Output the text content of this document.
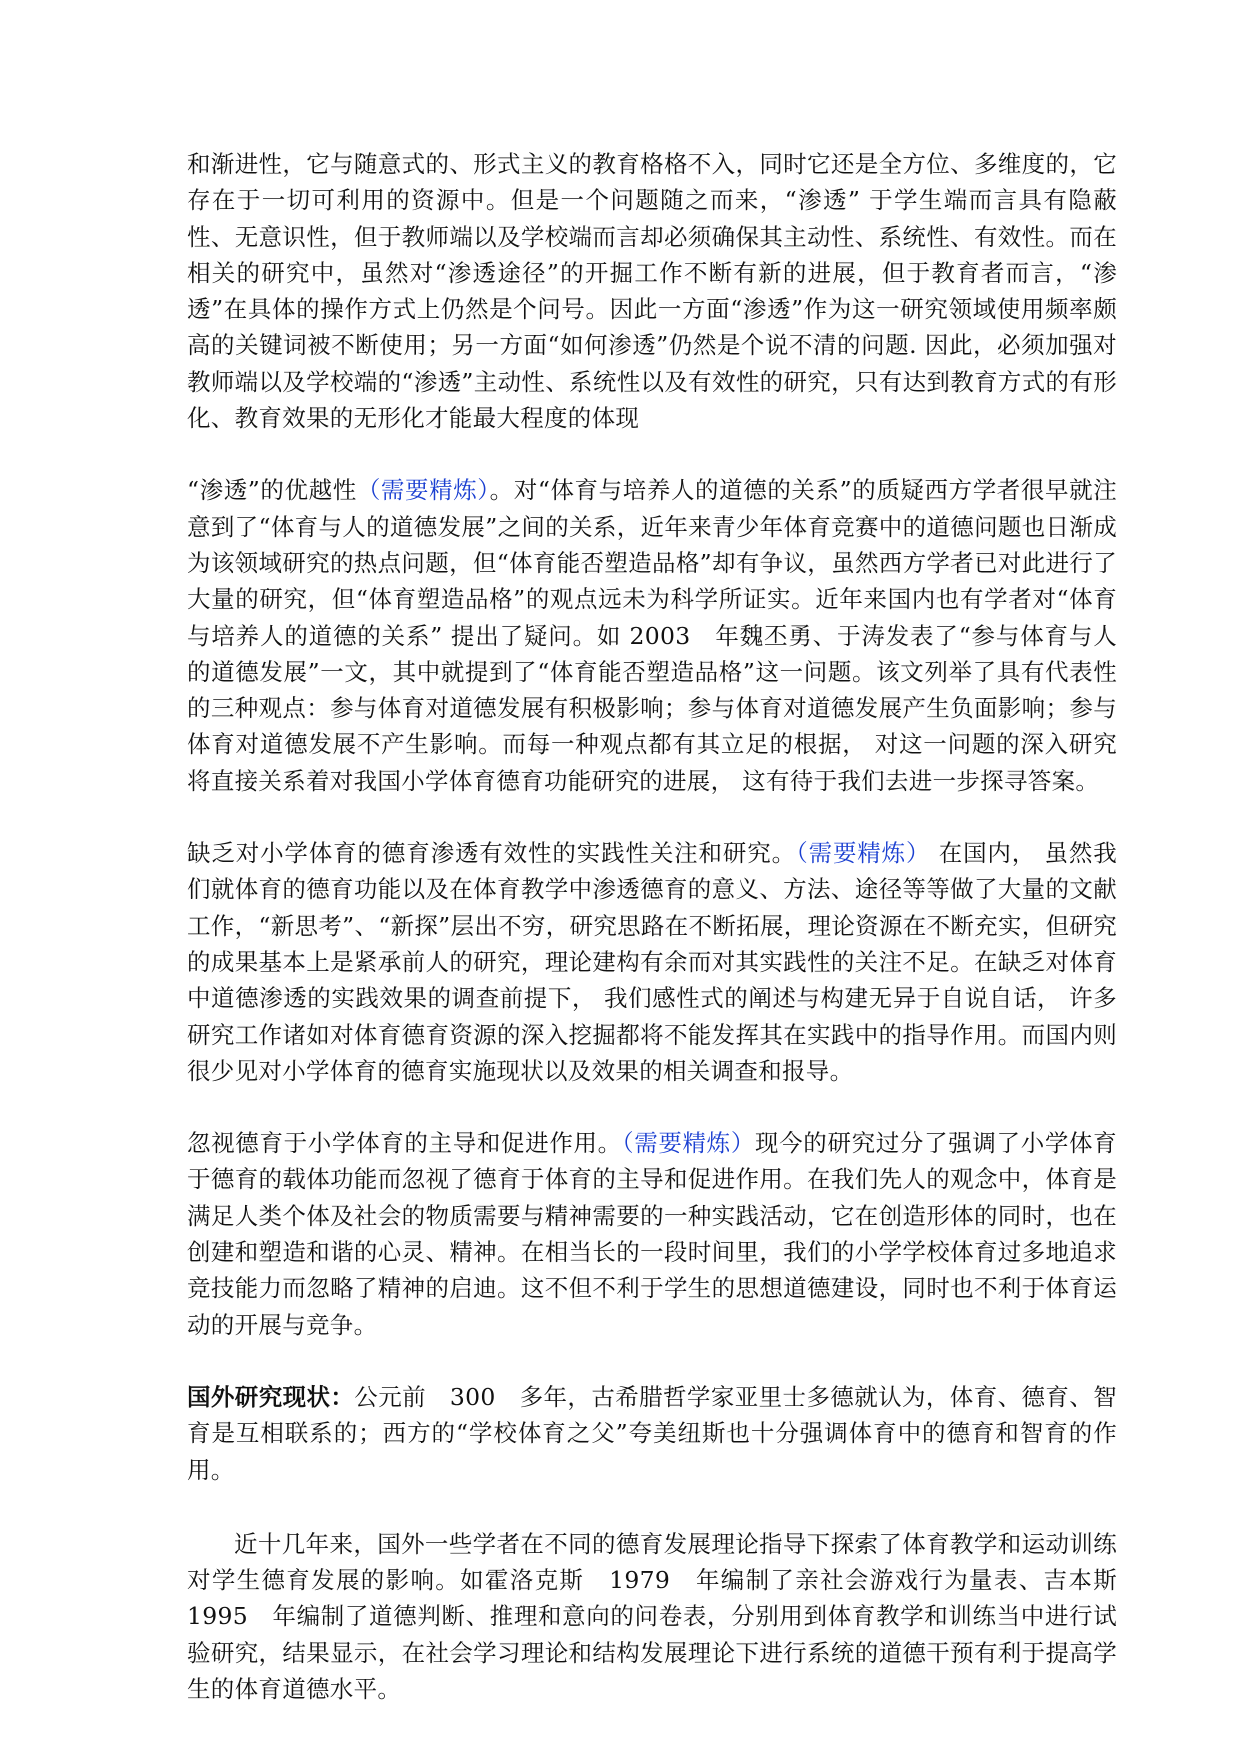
和渐进性，它与随意式的、形式主义的教育格格不入，同时它还是全方位、多维度的，它存在于一切可利用的资源中。但是一个问题随之而来，“渗透” 于学生端而言具有隐蔽性、无意识性，但于教师端以及学校端而言却必须确保其主动性、系统性、有效性。而在相关的研究中，虽然对“渗透途径”的开掘工作不断有新的进展，但于教育者而言，“渗透”在具体的操作方式上仍然是个问号。因此一方面“渗透”作为这一研究领域使用频率颇高的关键词被不断使用；另一方面“如何渗透”仍然是个说不清的问题. 因此，必须加强对教师端以及学校端的“渗透”主动性、系统性以及有效性的研究，只有达到教育方式的有形化、教育效果的无形化才能最大程度的体现

“渗透”的优越性（需要精炼）。对“体育与培养人的道德的关系”的质疑西方学者很早就注意到了“体育与人的道德发展”之间的关系，近年来青少年体育竞赛中的道德问题也日渐成为该领域研究的热点问题，但“体育能否塑造品格”却有争议，虽然西方学者已对此进行了大量的研究，但“体育塑造品格”的观点远未为科学所证实。近年来国内也有学者对“体育与培养人的道德的关系” 提出了疑问。如 2003　年魏丕勇、于涛发表了“参与体育与人的道德发展”一文，其中就提到了“体育能否塑造品格”这一问题。该文列举了具有代表性的三种观点：参与体育对道德发展有积极影响；参与体育对道德发展产生负面影响；参与体育对道德发展不产生影响。而每一种观点都有其立足的根据， 对这一问题的深入研究将直接关系着对我国小学体育德育功能研究的进展， 这有待于我们去进一步探寻答案。

缺乏对小学体育的德育渗透有效性的实践性关注和研究。（需要精炼） 在国内， 虽然我们就体育的德育功能以及在体育教学中渗透德育的意义、方法、途径等等做了大量的文献工作，“新思考”、“新探”层出不穷，研究思路在不断拓展，理论资源在不断充实，但研究的成果基本上是紧承前人的研究，理论建构有余而对其实践性的关注不足。在缺乏对体育中道德渗透的实践效果的调查前提下， 我们感性式的阐述与构建无异于自说自话， 许多研究工作诸如对体育德育资源的深入挖掘都将不能发挥其在实践中的指导作用。而国内则很少见对小学体育的德育实施现状以及效果的相关调查和报导。

忽视德育于小学体育的主导和促进作用。（需要精炼）现今的研究过分了强调了小学体育于德育的载体功能而忽视了德育于体育的主导和促进作用。在我们先人的观念中，体育是满足人类个体及社会的物质需要与精神需要的一种实践活动，它在创造形体的同时，也在创建和塑造和谐的心灵、精神。在相当长的一段时间里，我们的小学学校体育过多地追求竞技能力而忽略了精神的启迪。这不但不利于学生的思想道德建设，同时也不利于体育运动的开展与竞争。

国外研究现状：公元前　300　多年，古希腊哲学家亚里士多德就认为，体育、德育、智育是互相联系的；西方的“学校体育之父”夸美纽斯也十分强调体育中的德育和智育的作用。

近十几年来，国外一些学者在不同的德育发展理论指导下探索了体育教学和运动训练对学生德育发展的影响。如霍洛克斯　1979　年编制了亲社会游戏行为量表、吉本斯　1995　年编制了道德判断、推理和意向的问卷表，分别用到体育教学和训练当中进行试验研究，结果显示，在社会学习理论和结构发展理论下进行系统的道德干预有利于提高学生的体育道德水平。
